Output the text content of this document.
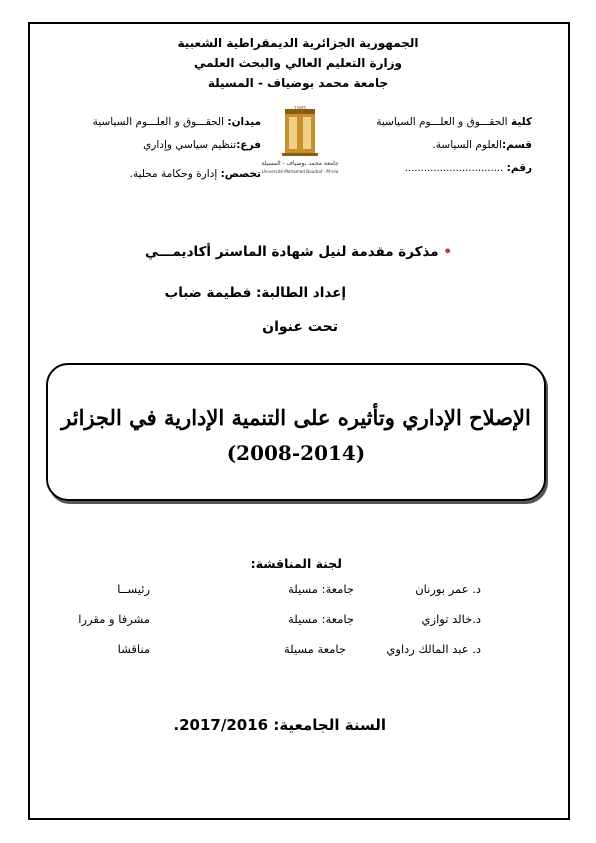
الجمهورية الجزائرية الديمقراطية الشعبية
وزارة التعليم العالي والبحث العلمي
جامعة محمد بوضياف - المسيلة
كلية الحقـــوق و العلـــوم السياسية
قسم:العلوم السياسة.
رقم: ...............................
1985
جامعة محمد بوضياف - المسيلة
Université Mohamed Boudiaf - M'sila
ميدان: الحقـــوق و العلـــوم السياسية
فرع:تنظيم سياسي وإداري
تخصص: إدارة وحكامة محلية.
• مذكرة مقدمة لنيل شهادة الماستر أكاديمـــي
إعداد الطالبة: فطيمة ضباب
تحت عنوان
الإصلاح الإداري وتأثيره على التنمية الإدارية في الجزائر
(2008-2014)
لجنة المناقشة:
د. عمر بورنان
جامعة: مسيلة
رئيســا
د.خالد توازي
جامعة: مسيلة
مشرفا و مقررا
د. عبد المالك رداوي
جامعة مسيلة
مناقشا
السنة الجامعية: 2017/2016.
